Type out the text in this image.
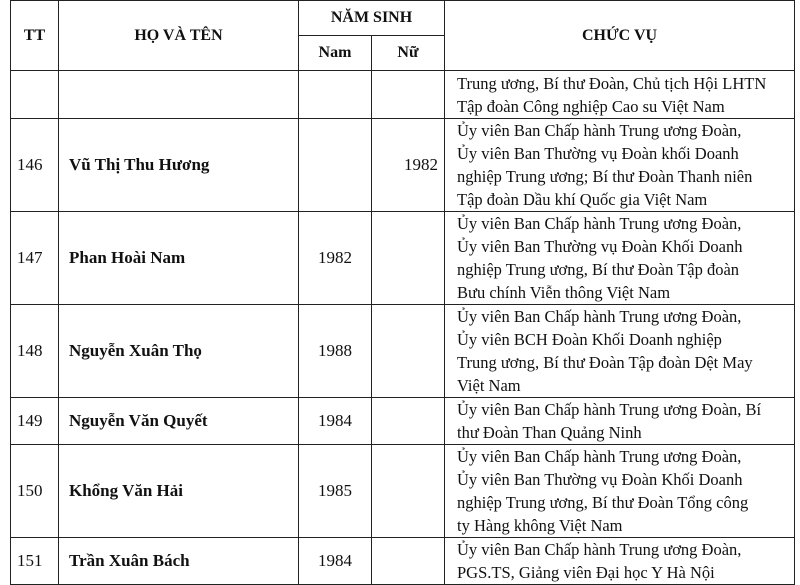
TT	HỌ VÀ TÊN	NĂM SINH		CHỨC VỤ
		Nam	Nữ	

				Trung ương, Bí thư Đoàn, Chủ tịch Hội LHTN
Tập đoàn Công nghiệp Cao su Việt Nam

146	Vũ Thị Thu Hương		1982	Ủy viên Ban Chấp hành Trung ương Đoàn,
Ủy viên Ban Thường vụ Đoàn khối Doanh
nghiệp Trung ương; Bí thư Đoàn Thanh niên
Tập đoàn Dầu khí Quốc gia Việt Nam

147	Phan Hoài Nam	1982		Ủy viên Ban Chấp hành Trung ương Đoàn,
Ủy viên Ban Thường vụ Đoàn Khối Doanh
nghiệp Trung ương, Bí thư Đoàn Tập đoàn
Bưu chính Viễn thông Việt Nam

148	Nguyễn Xuân Thọ	1988		Ủy viên Ban Chấp hành Trung ương Đoàn,
Ủy viên BCH Đoàn Khối Doanh nghiệp
Trung ương, Bí thư Đoàn Tập đoàn Dệt May
Việt Nam

149	Nguyễn Văn Quyết	1984		Ủy viên Ban Chấp hành Trung ương Đoàn, Bí
thư Đoàn Than Quảng Ninh

150	Khổng Văn Hải	1985		Ủy viên Ban Chấp hành Trung ương Đoàn,
Ủy viên Ban Thường vụ Đoàn Khối Doanh
nghiệp Trung ương, Bí thư Đoàn Tổng công
ty Hàng không Việt Nam

151	Trần Xuân Bách	1984		Ủy viên Ban Chấp hành Trung ương Đoàn,
PGS.TS, Giảng viên Đại học Y Hà Nội
